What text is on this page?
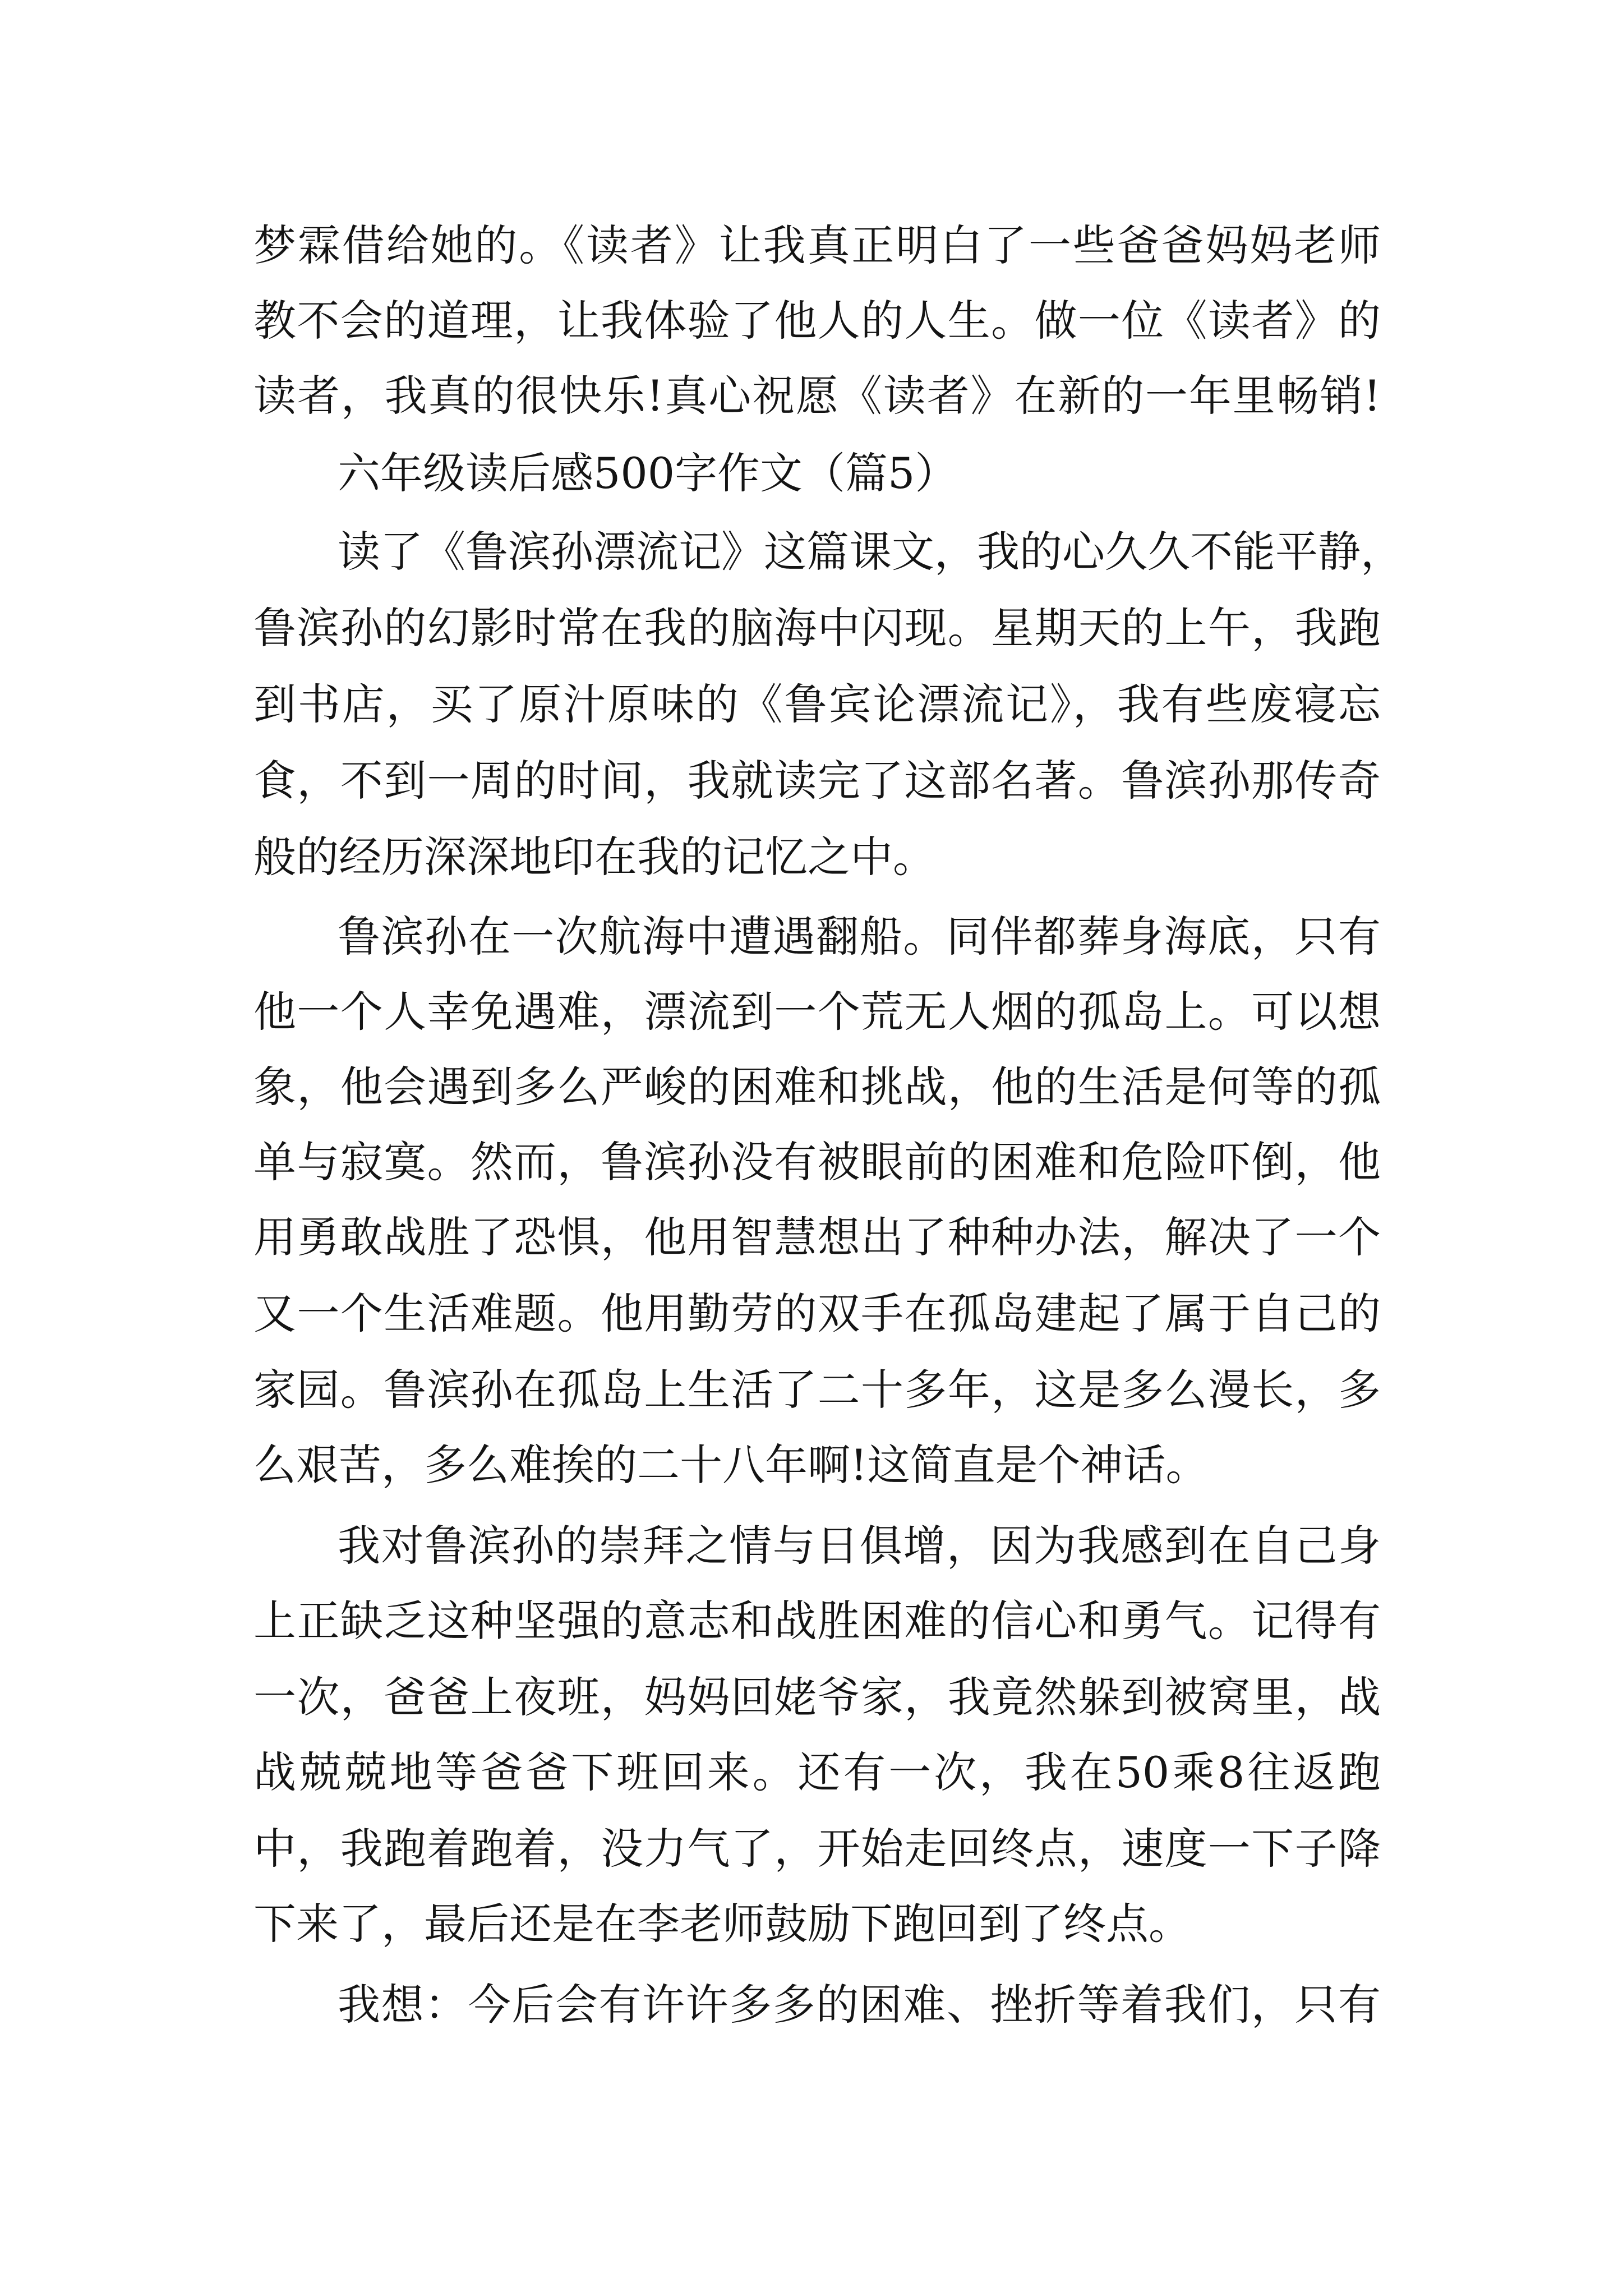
梦霖借给她的。《读者》让我真正明白了一些爸爸妈妈老师
教不会的道理，让我体验了他人的人生。做一位《读者》的
读者，我真的很快乐!真心祝愿《读者》在新的一年里畅销!
六年级读后感500字作文（篇5）
读了《鲁滨孙漂流记》这篇课文，我的心久久不能平静，
鲁滨孙的幻影时常在我的脑海中闪现。星期天的上午，我跑
到书店，买了原汁原味的《鲁宾论漂流记》，我有些废寝忘
食，不到一周的时间，我就读完了这部名著。鲁滨孙那传奇
般的经历深深地印在我的记忆之中。
鲁滨孙在一次航海中遭遇翻船。同伴都葬身海底，只有
他一个人幸免遇难，漂流到一个荒无人烟的孤岛上。可以想
象，他会遇到多么严峻的困难和挑战，他的生活是何等的孤
单与寂寞。然而，鲁滨孙没有被眼前的困难和危险吓倒，他
用勇敢战胜了恐惧，他用智慧想出了种种办法，解决了一个
又一个生活难题。他用勤劳的双手在孤岛建起了属于自己的
家园。鲁滨孙在孤岛上生活了二十多年，这是多么漫长，多
么艰苦，多么难挨的二十八年啊!这简直是个神话。
我对鲁滨孙的崇拜之情与日俱增，因为我感到在自己身
上正缺乏这种坚强的意志和战胜困难的信心和勇气。记得有
一次，爸爸上夜班，妈妈回姥爷家，我竟然躲到被窝里，战
战兢兢地等爸爸下班回来。还有一次，我在50乘8往返跑
中，我跑着跑着，没力气了，开始走回终点，速度一下子降
下来了，最后还是在李老师鼓励下跑回到了终点。
我想：今后会有许许多多的困难、挫折等着我们，只有
